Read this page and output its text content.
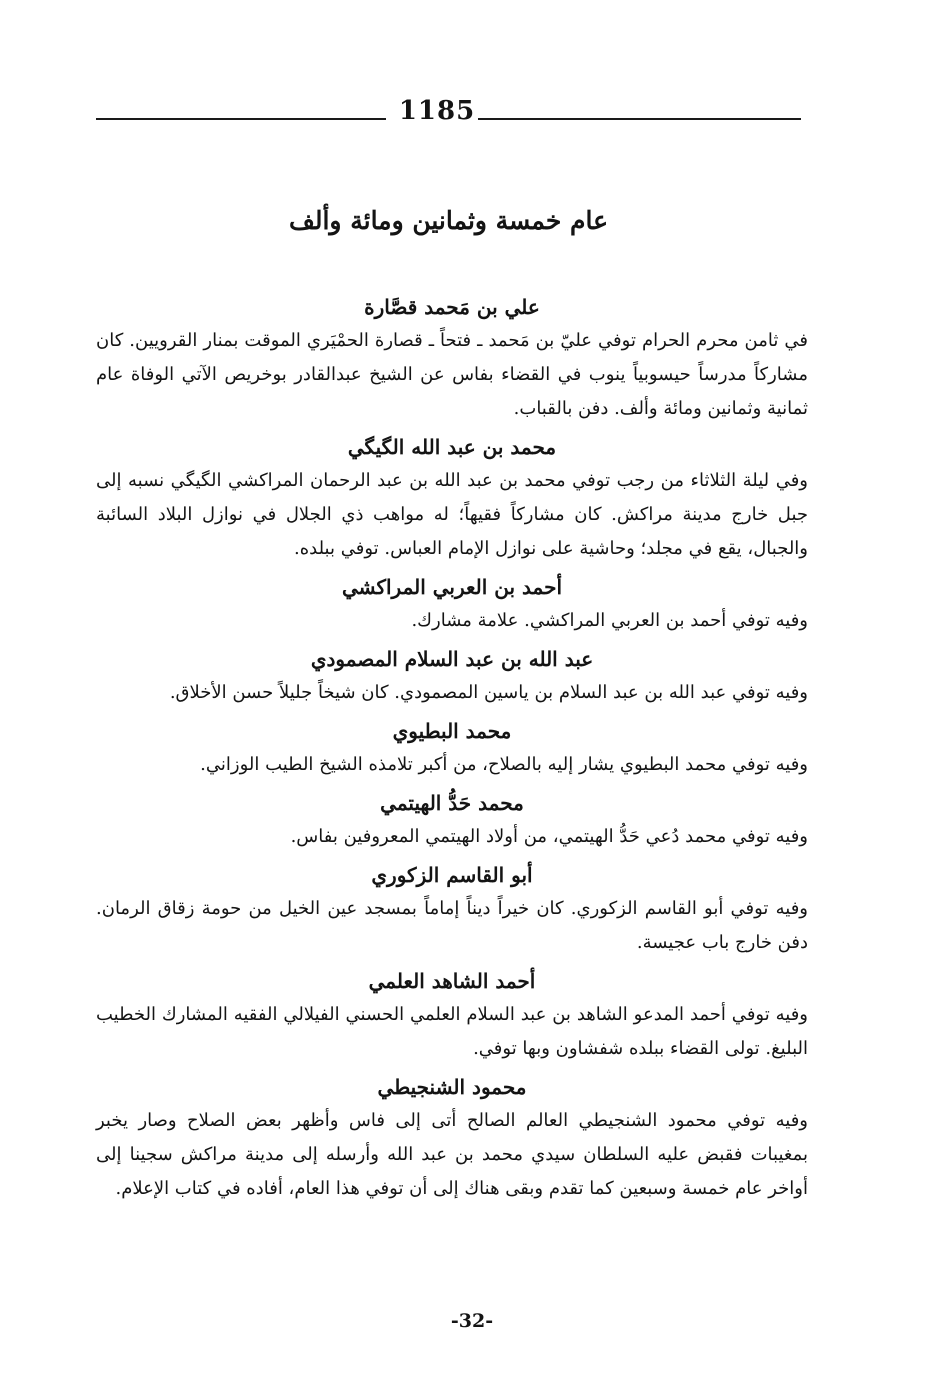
1185
عام خمسة وثمانين ومائة وألف
علي بن مَحمد قصَّارة

في ثامن محرم الحرام توفي عليّ بن مَحمد ـ فتحاً ـ قصارة الحمْيَري الموقت بمنار القرويين. كان مشاركاً مدرساً حيسوبياً ينوب في القضاء بفاس عن الشيخ عبدالقادر بوخريص الآتي الوفاة عام ثمانية وثمانين ومائة وألف. دفن بالقباب.

محمد بن عبد الله الگيگي

وفي ليلة الثلاثاء من رجب توفي محمد بن عبد الله بن عبد الرحمان المراكشي الگيگي نسبه إلى جبل خارج مدينة مراكش. كان مشاركاً فقيهاً؛ له مواهب ذي الجلال في نوازل البلاد السائبة والجبال، يقع في مجلد؛ وحاشية على نوازل الإمام العباس. توفي ببلده.

أحمد بن العربي المراكشي

وفيه توفي أحمد بن العربي المراكشي. علامة مشارك.

عبد الله بن عبد السلام المصمودي

وفيه توفي عبد الله بن عبد السلام بن ياسين المصمودي. كان شيخاً جليلاً حسن الأخلاق.

محمد البطيوي

وفيه توفي محمد البطيوي يشار إليه بالصلاح، من أكبر تلامذه الشيخ الطيب الوزاني.

محمد حَدُّ الهيتمي

وفيه توفي محمد دُعي حَدُّ الهيتمي، من أولاد الهيتمي المعروفين بفاس.

أبو القاسم الزكوري

وفيه توفي أبو القاسم الزكوري. كان خيراً ديناً إماماً بمسجد عين الخيل من حومة زقاق الرمان. دفن خارج باب عجيسة.

أحمد الشاهد العلمي

وفيه توفي أحمد المدعو الشاهد بن عبد السلام العلمي الحسني الفيلالي الفقيه المشارك الخطيب البليغ. تولى القضاء ببلده شفشاون وبها توفي.

محمود الشنجيطي

وفيه توفي محمود الشنجيطي العالم الصالح أتى إلى فاس وأظهر بعض الصلاح وصار يخبر بمغيبات فقبض عليه السلطان سيدي محمد بن عبد الله وأرسله إلى مدينة مراكش سجينا إلى أواخر عام خمسة وسبعين كما تقدم وبقى هناك إلى أن توفي هذا العام، أفاده في كتاب الإعلام.

-32-
